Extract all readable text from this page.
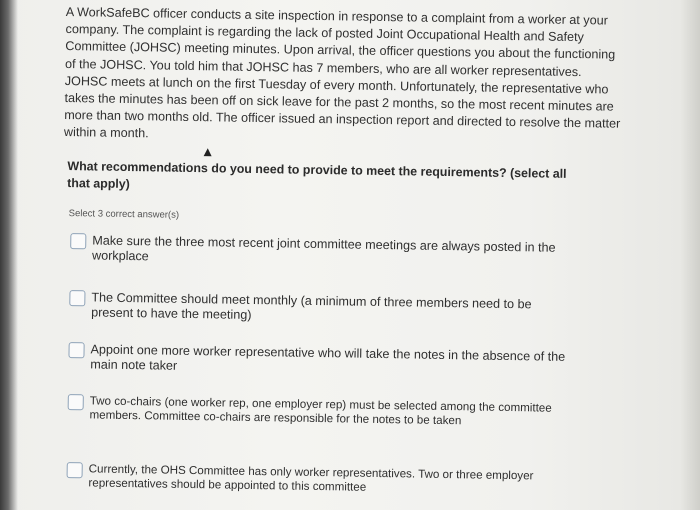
A WorkSafeBC officer conducts a site inspection in response to a complaint from a worker at your company. The complaint is regarding the lack of posted Joint Occupational Health and Safety Committee (JOHSC) meeting minutes. Upon arrival, the officer questions you about the functioning of the JOHSC. You told him that JOHSC has 7 members, who are all worker representatives. JOHSC meets at lunch on the first Tuesday of every month. Unfortunately, the representative who takes the minutes has been off on sick leave for the past 2 months, so the most recent minutes are more than two months old. The officer issued an inspection report and directed to resolve the matter within a month.

What recommendations do you need to provide to meet the requirements? (select all that apply)

Select 3 correct answer(s)
Make sure the three most recent joint committee meetings are always posted in the workplace
The Committee should meet monthly (a minimum of three members need to be present to have the meeting)
Appoint one more worker representative who will take the notes in the absence of the main note taker
Two co-chairs (one worker rep, one employer rep) must be selected among the committee members. Committee co-chairs are responsible for the notes to be taken
Currently, the OHS Committee has only worker representatives. Two or three employer representatives should be appointed to this committee
